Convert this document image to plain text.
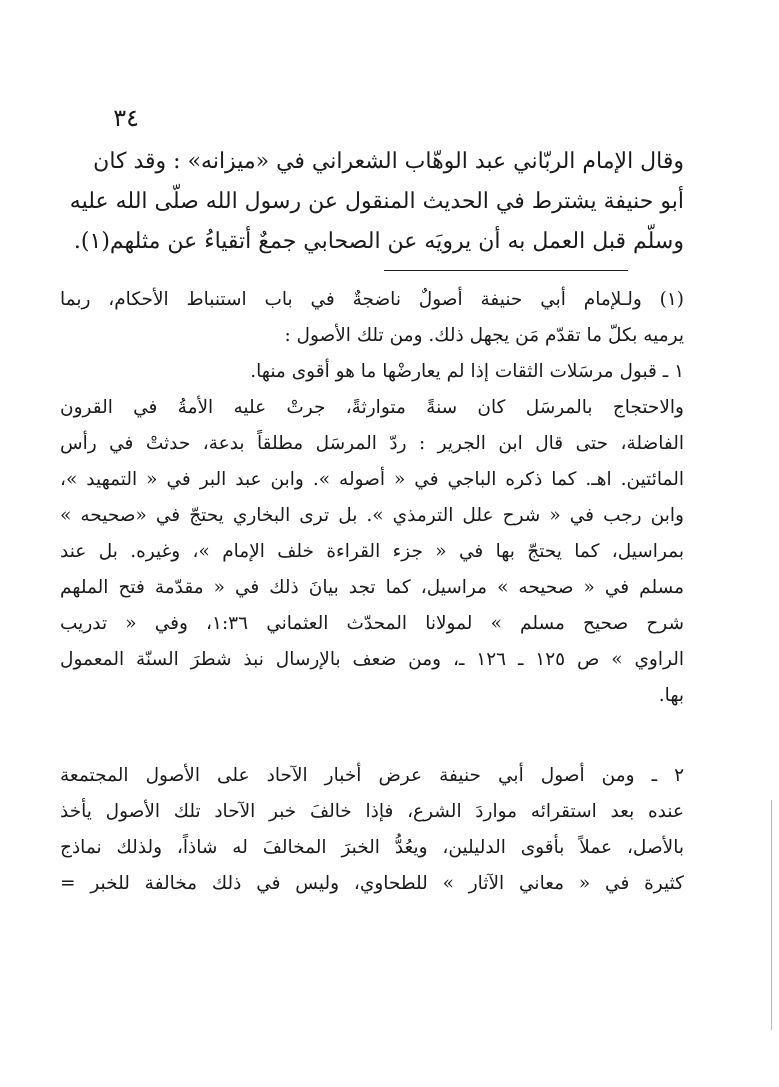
٣٤
وقال الإمام الربّاني عبد الوهّاب الشعراني في «ميزانه» : وقد كان
أبو حنيفة يشترط في الحديث المنقول عن رسول الله صلّى الله عليه
وسلّم قبل العمل به أن يرويَه عن الصحابي جمعٌ أتقياءُ عن مثلهم(١).
(١) ولـلإمام أبي حنيفة أصولٌ ناضجةٌ في باب استنباط الأحكام، ربما
يرميه بكلّ ما تقدّم مَن يجهل ذلك. ومن تلك الأصول :
١ ـ قبول مرسَلات الثقات إذا لم يعارضْها ما هو أقوى منها.
والاحتجاج بالمرسَل كان سنةً متوارثةً، جرتْ عليه الأمةُ في القرون
الفاضلة، حتى قال ابن الجرير : ردّ المرسَل مطلقاً بدعة، حدثتْ في رأس
المائتين. اهـ. كما ذكره الباجي في « أصوله ». وابن عبد البر في « التمهيد »،
وابن رجب في « شرح علل الترمذي ». بل ترى البخاري يحتجّ في «صحيحه »
بمراسيل، كما يحتجّ بها في « جزء القراءة خلف الإمام »، وغيره. بل عند
مسلم في « صحيحه » مراسيل، كما تجد بيانَ ذلك في « مقدّمة فتح الملهم
شرح صحيح مسلم » لمولانا المحدّث العثماني ١:٣٦، وفي « تدريب
الراوي » ص ١٢٥ ـ ١٢٦ ـ، ومن ضعف بالإرسال نبذ شطرَ السنّة المعمول
بها.
٢ ـ ومن أصول أبي حنيفة عرض أخبار الآحاد على الأصول المجتمعة
عنده بعد استقرائه مواردَ الشرع، فإذا خالفَ خبر الآحاد تلك الأصول يأخذ
بالأصل، عملاً بأقوى الدليلين، ويعُدُّ الخبرَ المخالفَ له شاذاً، ولذلك نماذج
كثيرة في « معاني الآثار » للطحاوي، وليس في ذلك مخالفة للخبر =
